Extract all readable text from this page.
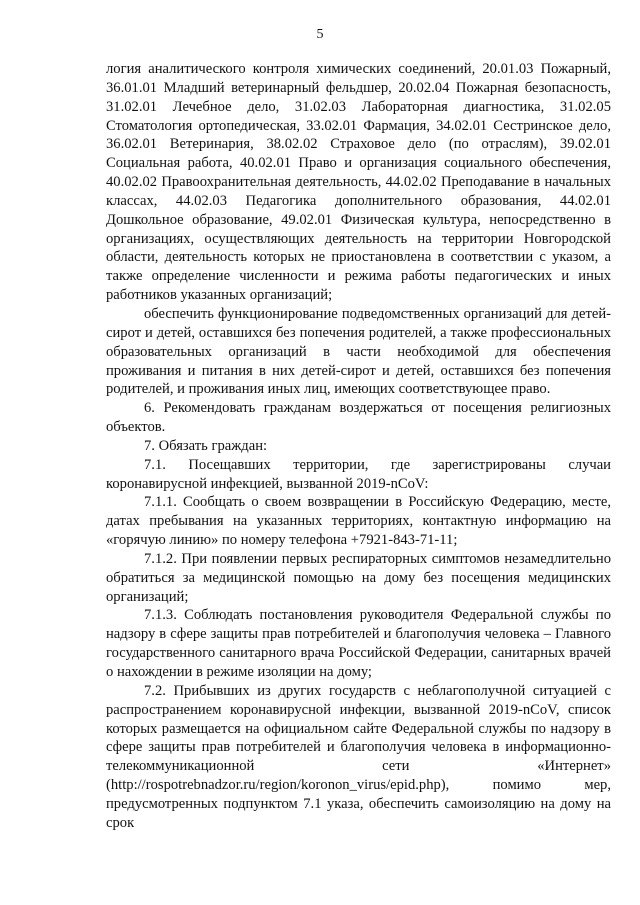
5

логия аналитического контроля химических соединений, 20.01.03 Пожарный, 36.01.01 Младший ветеринарный фельдшер, 20.02.04 Пожарная безопасность, 31.02.01 Лечебное дело, 31.02.03 Лабораторная диагностика, 31.02.05 Стоматология ортопедическая, 33.02.01 Фармация, 34.02.01 Сестринское дело, 36.02.01 Ветеринария, 38.02.02 Страховое дело (по отраслям), 39.02.01 Социальная работа, 40.02.01 Право и организация социального обеспечения, 40.02.02 Правоохранительная деятельность, 44.02.02 Преподавание в начальных классах, 44.02.03 Педагогика дополнительного образования, 44.02.01 Дошкольное образование, 49.02.01 Физическая культура, непосредственно в организациях, осуществляющих деятельность на территории Новгородской области, деятельность которых не приостановлена в соответствии с указом, а также определение численности и режима работы педагогических и иных работников указанных организаций;

обеспечить функционирование подведомственных организаций для детей-сирот и детей, оставшихся без попечения родителей, а также профессиональных образовательных организаций в части необходимой для обеспечения проживания и питания в них детей-сирот и детей, оставшихся без попечения родителей, и проживания иных лиц, имеющих соответствующее право.

6. Рекомендовать гражданам воздержаться от посещения религиозных объектов.

7. Обязать граждан:

7.1. Посещавших территории, где зарегистрированы случаи коронавирусной инфекцией, вызванной 2019-nCoV:

7.1.1. Сообщать о своем возвращении в Российскую Федерацию, месте, датах пребывания на указанных территориях, контактную информацию на «горячую линию» по номеру телефона +7921-843-71-11;

7.1.2. При появлении первых респираторных симптомов незамедлительно обратиться за медицинской помощью на дому без посещения медицинских организаций;

7.1.3. Соблюдать постановления руководителя Федеральной службы по надзору в сфере защиты прав потребителей и благополучия человека – Главного государственного санитарного врача Российской Федерации, санитарных врачей о нахождении в режиме изоляции на дому;

7.2. Прибывших из других государств с неблагополучной ситуацией с распространением коронавирусной инфекции, вызванной 2019-nCoV, список которых размещается на официальном сайте Федеральной службы по надзору в сфере защиты прав потребителей и благополучия человека в информационно-телекоммуникационной сети «Интернет» (http://rospotrebnadzor.ru/region/koronon_virus/epid.php), помимо мер, предусмотренных подпунктом 7.1 указа, обеспечить самоизоляцию на дому на срок
